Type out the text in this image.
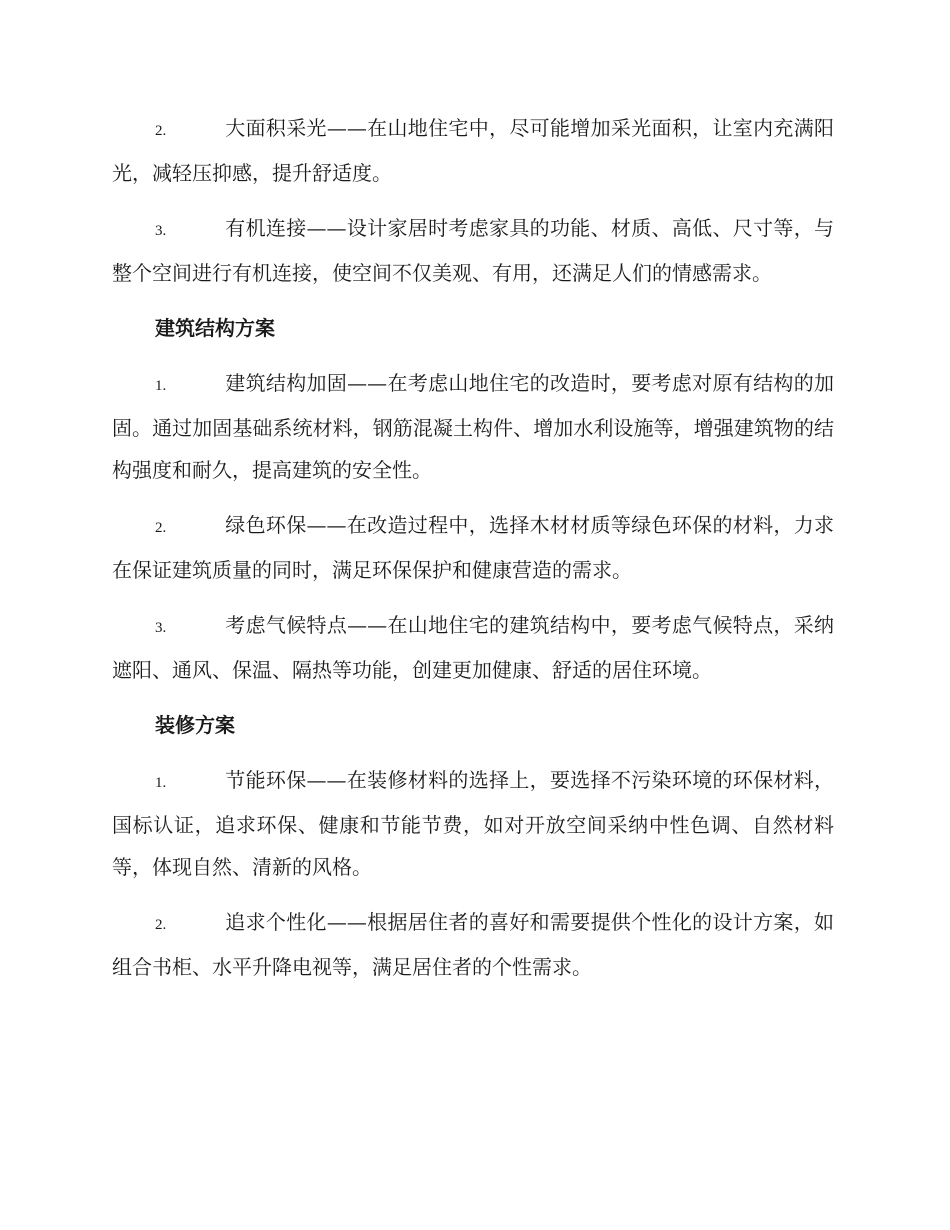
2.	大面积采光——在山地住宅中，尽可能增加采光面积，让室内充满阳光，减轻压抑感，提升舒适度。

3.	有机连接——设计家居时考虑家具的功能、材质、高低、尺寸等，与整个空间进行有机连接，使空间不仅美观、有用，还满足人们的情感需求。

建筑结构方案

1.	建筑结构加固——在考虑山地住宅的改造时，要考虑对原有结构的加固。通过加固基础系统材料，钢筋混凝土构件、增加水利设施等，增强建筑物的结构强度和耐久，提高建筑的安全性。

2.	绿色环保——在改造过程中，选择木材材质等绿色环保的材料，力求在保证建筑质量的同时，满足环保保护和健康营造的需求。

3.	考虑气候特点——在山地住宅的建筑结构中，要考虑气候特点，采纳遮阳、通风、保温、隔热等功能，创建更加健康、舒适的居住环境。

装修方案

1.	节能环保——在装修材料的选择上，要选择不污染环境的环保材料，国标认证，追求环保、健康和节能节费，如对开放空间采纳中性色调、自然材料等，体现自然、清新的风格。

2.	追求个性化——根据居住者的喜好和需要提供个性化的设计方案，如组合书柜、水平升降电视等，满足居住者的个性需求。
